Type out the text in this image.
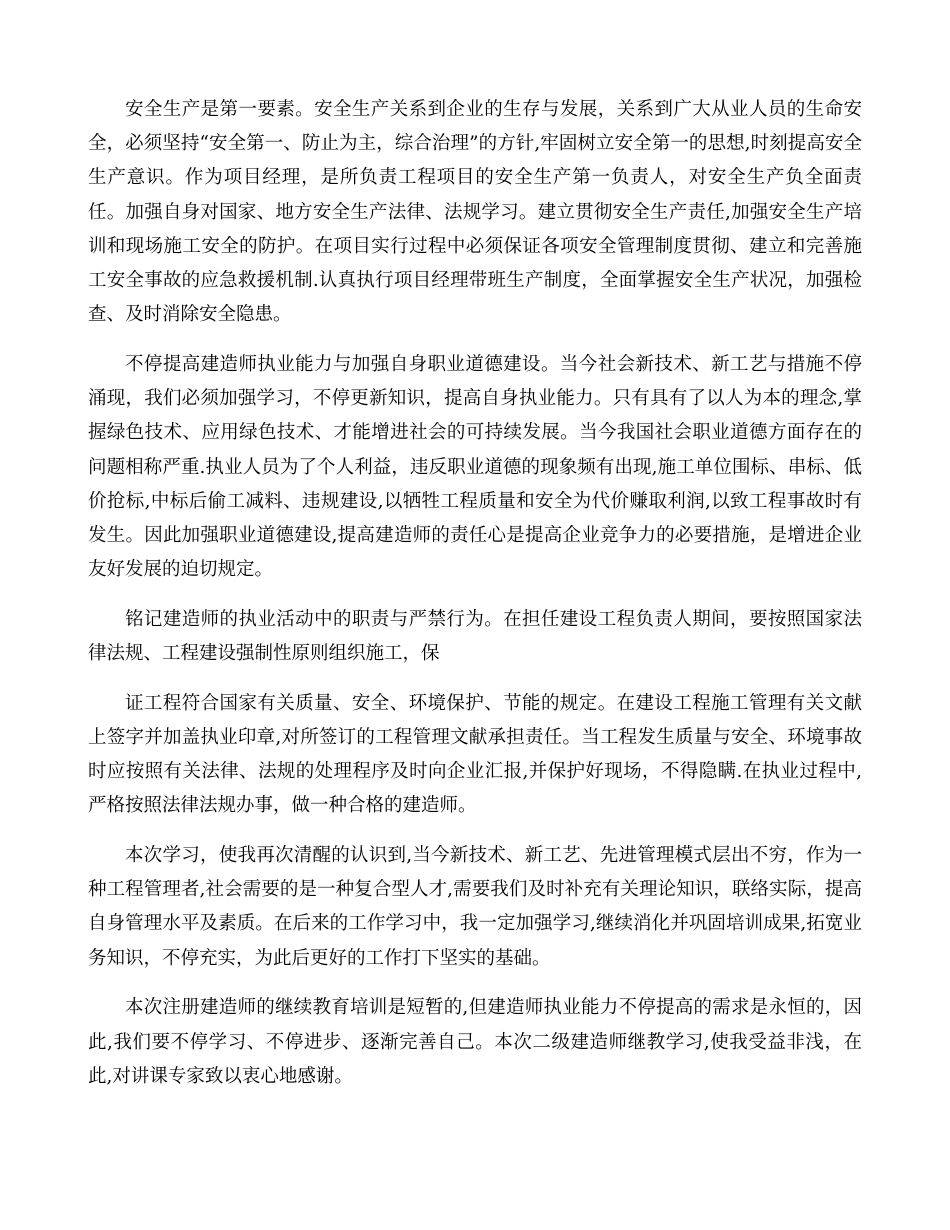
安全生产是第一要素。安全生产关系到企业的生存与发展，关系到广大从业人员的生命安全，必须坚持“安全第一、防止为主，综合治理”的方针,牢固树立安全第一的思想,时刻提高安全生产意识。作为项目经理，是所负责工程项目的安全生产第一负责人，对安全生产负全面责任。加强自身对国家、地方安全生产法律、法规学习。建立贯彻安全生产责任,加强安全生产培训和现场施工安全的防护。在项目实行过程中必须保证各项安全管理制度贯彻、建立和完善施工安全事故的应急救援机制.认真执行项目经理带班生产制度，全面掌握安全生产状况，加强检查、及时消除安全隐患。

不停提高建造师执业能力与加强自身职业道德建设。当今社会新技术、新工艺与措施不停涌现，我们必须加强学习，不停更新知识，提高自身执业能力。只有具有了以人为本的理念,掌握绿色技术、应用绿色技术、才能增进社会的可持续发展。当今我国社会职业道德方面存在的问题相称严重.执业人员为了个人利益，违反职业道德的现象频有出现,施工单位围标、串标、低价抢标,中标后偷工减料、违规建设,以牺牲工程质量和安全为代价赚取利润,以致工程事故时有发生。因此加强职业道德建设,提高建造师的责任心是提高企业竞争力的必要措施，是增进企业友好发展的迫切规定。

铭记建造师的执业活动中的职责与严禁行为。在担任建设工程负责人期间，要按照国家法律法规、工程建设强制性原则组织施工，保

证工程符合国家有关质量、安全、环境保护、节能的规定。在建设工程施工管理有关文献上签字并加盖执业印章,对所签订的工程管理文献承担责任。当工程发生质量与安全、环境事故时应按照有关法律、法规的处理程序及时向企业汇报,并保护好现场，不得隐瞒.在执业过程中,严格按照法律法规办事，做一种合格的建造师。

本次学习，使我再次清醒的认识到,当今新技术、新工艺、先进管理模式层出不穷，作为一种工程管理者,社会需要的是一种复合型人才,需要我们及时补充有关理论知识，联络实际，提高自身管理水平及素质。在后来的工作学习中，我一定加强学习,继续消化并巩固培训成果,拓宽业务知识，不停充实，为此后更好的工作打下坚实的基础。

本次注册建造师的继续教育培训是短暂的,但建造师执业能力不停提高的需求是永恒的，因此,我们要不停学习、不停进步、逐渐完善自己。本次二级建造师继教学习,使我受益非浅，在此,对讲课专家致以衷心地感谢。
